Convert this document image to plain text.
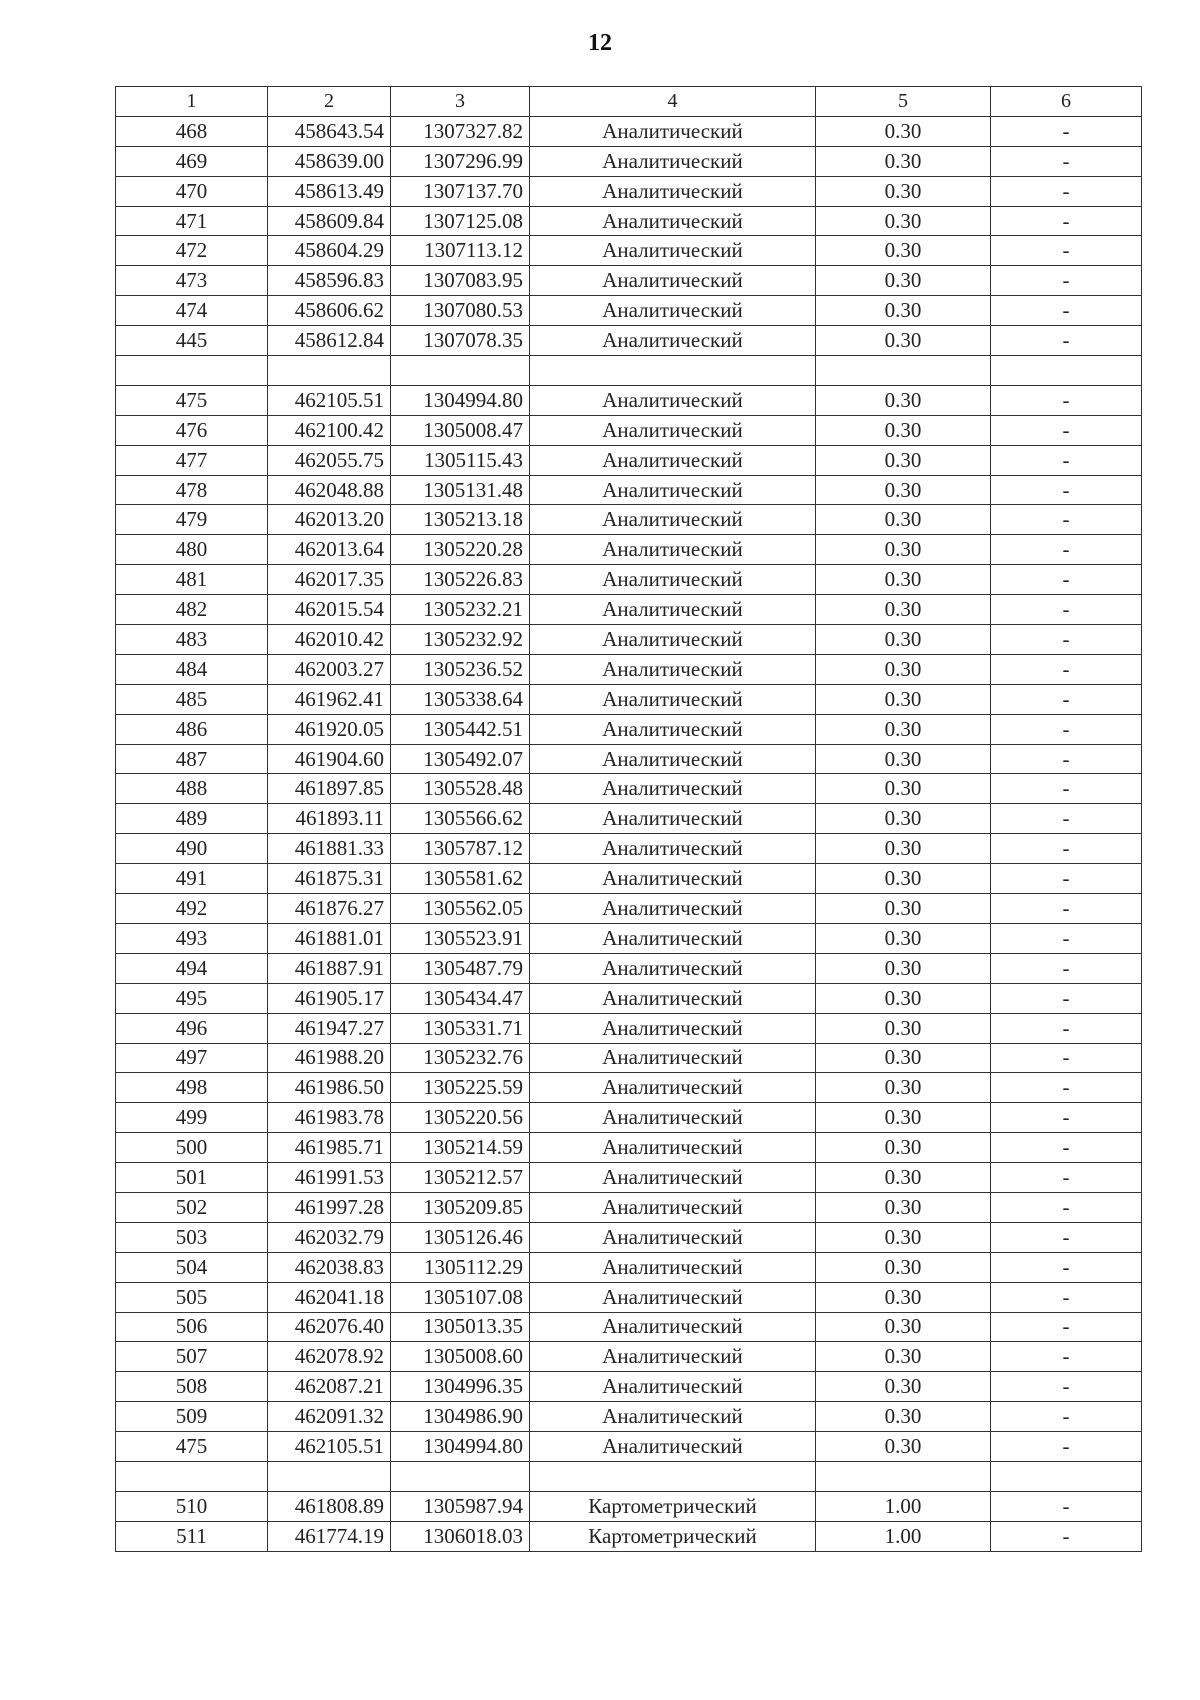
12
1	2	3	4	5	6
468	458643.54	1307327.82	Аналитический	0.30	-
469	458639.00	1307296.99	Аналитический	0.30	-
470	458613.49	1307137.70	Аналитический	0.30	-
471	458609.84	1307125.08	Аналитический	0.30	-
472	458604.29	1307113.12	Аналитический	0.30	-
473	458596.83	1307083.95	Аналитический	0.30	-
474	458606.62	1307080.53	Аналитический	0.30	-
445	458612.84	1307078.35	Аналитический	0.30	-

475	462105.51	1304994.80	Аналитический	0.30	-
476	462100.42	1305008.47	Аналитический	0.30	-
477	462055.75	1305115.43	Аналитический	0.30	-
478	462048.88	1305131.48	Аналитический	0.30	-
479	462013.20	1305213.18	Аналитический	0.30	-
480	462013.64	1305220.28	Аналитический	0.30	-
481	462017.35	1305226.83	Аналитический	0.30	-
482	462015.54	1305232.21	Аналитический	0.30	-
483	462010.42	1305232.92	Аналитический	0.30	-
484	462003.27	1305236.52	Аналитический	0.30	-
485	461962.41	1305338.64	Аналитический	0.30	-
486	461920.05	1305442.51	Аналитический	0.30	-
487	461904.60	1305492.07	Аналитический	0.30	-
488	461897.85	1305528.48	Аналитический	0.30	-
489	461893.11	1305566.62	Аналитический	0.30	-
490	461881.33	1305787.12	Аналитический	0.30	-
491	461875.31	1305581.62	Аналитический	0.30	-
492	461876.27	1305562.05	Аналитический	0.30	-
493	461881.01	1305523.91	Аналитический	0.30	-
494	461887.91	1305487.79	Аналитический	0.30	-
495	461905.17	1305434.47	Аналитический	0.30	-
496	461947.27	1305331.71	Аналитический	0.30	-
497	461988.20	1305232.76	Аналитический	0.30	-
498	461986.50	1305225.59	Аналитический	0.30	-
499	461983.78	1305220.56	Аналитический	0.30	-
500	461985.71	1305214.59	Аналитический	0.30	-
501	461991.53	1305212.57	Аналитический	0.30	-
502	461997.28	1305209.85	Аналитический	0.30	-
503	462032.79	1305126.46	Аналитический	0.30	-
504	462038.83	1305112.29	Аналитический	0.30	-
505	462041.18	1305107.08	Аналитический	0.30	-
506	462076.40	1305013.35	Аналитический	0.30	-
507	462078.92	1305008.60	Аналитический	0.30	-
508	462087.21	1304996.35	Аналитический	0.30	-
509	462091.32	1304986.90	Аналитический	0.30	-
475	462105.51	1304994.80	Аналитический	0.30	-

510	461808.89	1305987.94	Картометрический	1.00	-
511	461774.19	1306018.03	Картометрический	1.00	-
